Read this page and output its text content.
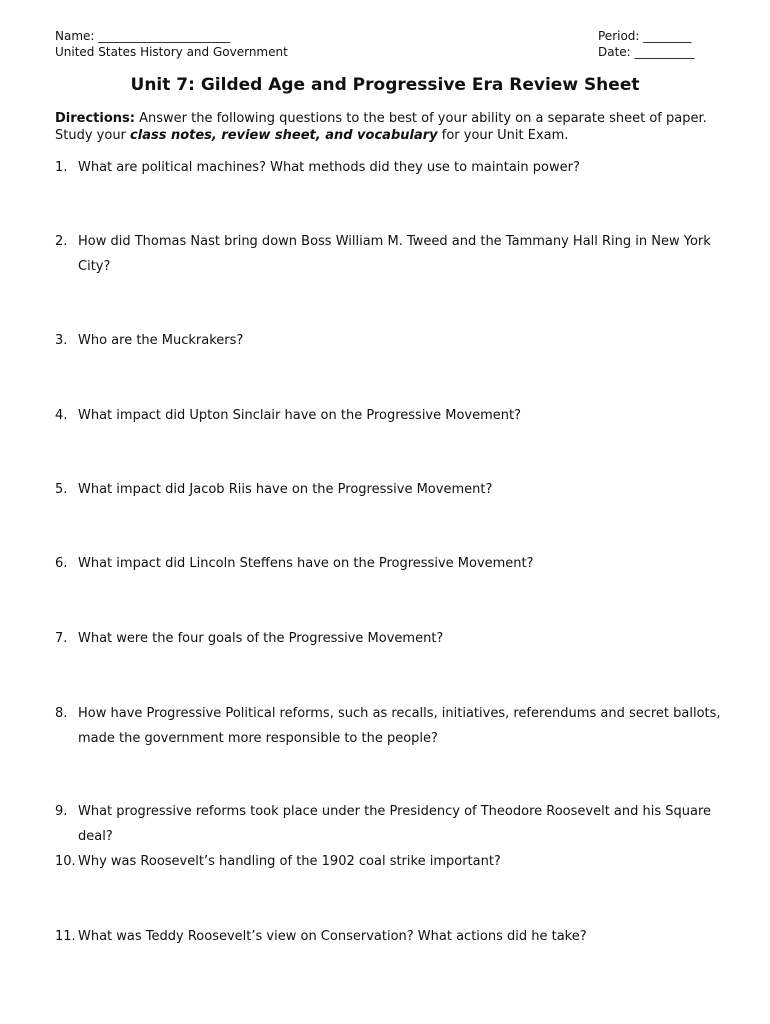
Name: ______________________
United States History and Government
Period: ________
Date: __________
Unit 7: Gilded Age and Progressive Era Review Sheet
Directions: Answer the following questions to the best of your ability on a separate sheet of paper. Study your class notes, review sheet, and vocabulary for your Unit Exam.
1. What are political machines? What methods did they use to maintain power?
2. How did Thomas Nast bring down Boss William M. Tweed and the Tammany Hall Ring in New York City?
3. Who are the Muckrakers?
4. What impact did Upton Sinclair have on the Progressive Movement?
5. What impact did Jacob Riis have on the Progressive Movement?
6. What impact did Lincoln Steffens have on the Progressive Movement?
7. What were the four goals of the Progressive Movement?
8. How have Progressive Political reforms, such as recalls, initiatives, referendums and secret ballots, made the government more responsible to the people?
9. What progressive reforms took place under the Presidency of Theodore Roosevelt and his Square deal?
10. Why was Roosevelt’s handling of the 1902 coal strike important?
11. What was Teddy Roosevelt’s view on Conservation? What actions did he take?
